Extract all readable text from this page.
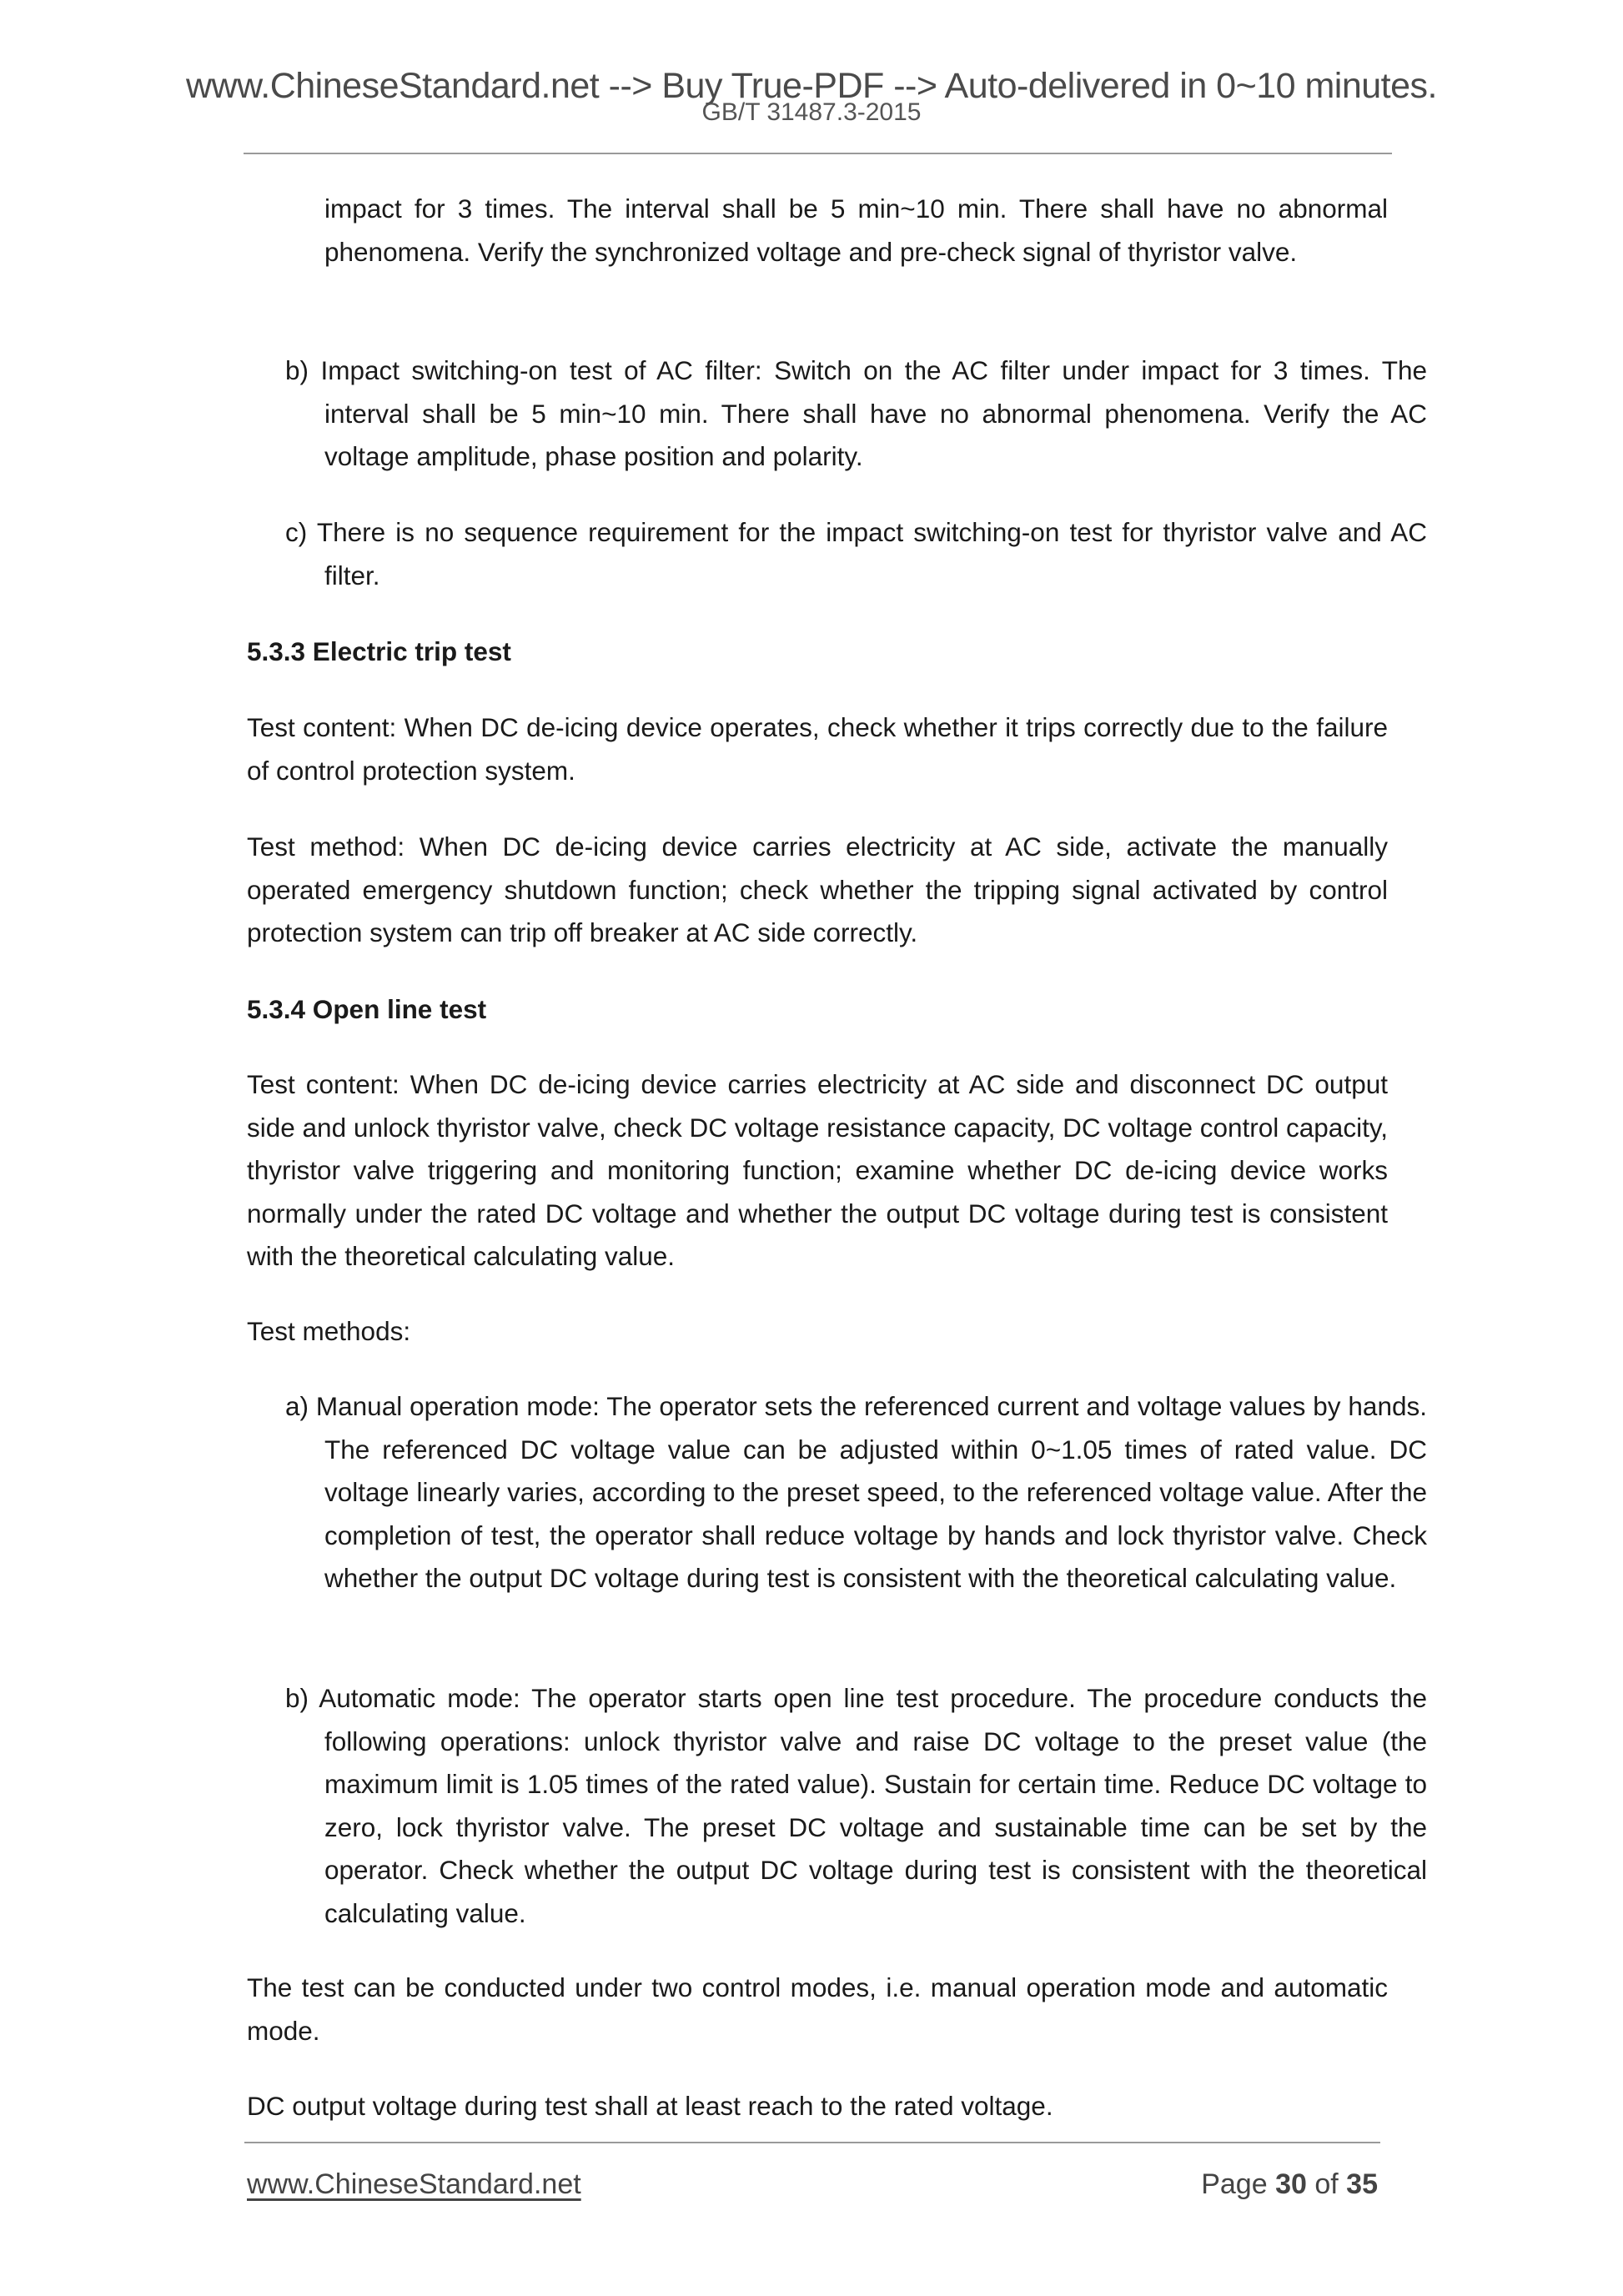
www.ChineseStandard.net --> Buy True-PDF --> Auto-delivered in 0~10 minutes.
GB/T 31487.3-2015
impact for 3 times. The interval shall be 5 min~10 min. There shall have no abnormal phenomena. Verify the synchronized voltage and pre-check signal of thyristor valve.
b) Impact switching-on test of AC filter: Switch on the AC filter under impact for 3 times. The interval shall be 5 min~10 min. There shall have no abnormal phenomena. Verify the AC voltage amplitude, phase position and polarity.
c) There is no sequence requirement for the impact switching-on test for thyristor valve and AC filter.
5.3.3 Electric trip test
Test content: When DC de-icing device operates, check whether it trips correctly due to the failure of control protection system.
Test method: When DC de-icing device carries electricity at AC side, activate the manually operated emergency shutdown function; check whether the tripping signal activated by control protection system can trip off breaker at AC side correctly.
5.3.4 Open line test
Test content: When DC de-icing device carries electricity at AC side and disconnect DC output side and unlock thyristor valve, check DC voltage resistance capacity, DC voltage control capacity, thyristor valve triggering and monitoring function; examine whether DC de-icing device works normally under the rated DC voltage and whether the output DC voltage during test is consistent with the theoretical calculating value.
Test methods:
a) Manual operation mode: The operator sets the referenced current and voltage values by hands. The referenced DC voltage value can be adjusted within 0~1.05 times of rated value. DC voltage linearly varies, according to the preset speed, to the referenced voltage value. After the completion of test, the operator shall reduce voltage by hands and lock thyristor valve. Check whether the output DC voltage during test is consistent with the theoretical calculating value.
b) Automatic mode: The operator starts open line test procedure. The procedure conducts the following operations: unlock thyristor valve and raise DC voltage to the preset value (the maximum limit is 1.05 times of the rated value). Sustain for certain time. Reduce DC voltage to zero, lock thyristor valve. The preset DC voltage and sustainable time can be set by the operator. Check whether the output DC voltage during test is consistent with the theoretical calculating value.
The test can be conducted under two control modes, i.e. manual operation mode and automatic mode.
DC output voltage during test shall at least reach to the rated voltage.
www.ChineseStandard.net	Page 30 of 35
